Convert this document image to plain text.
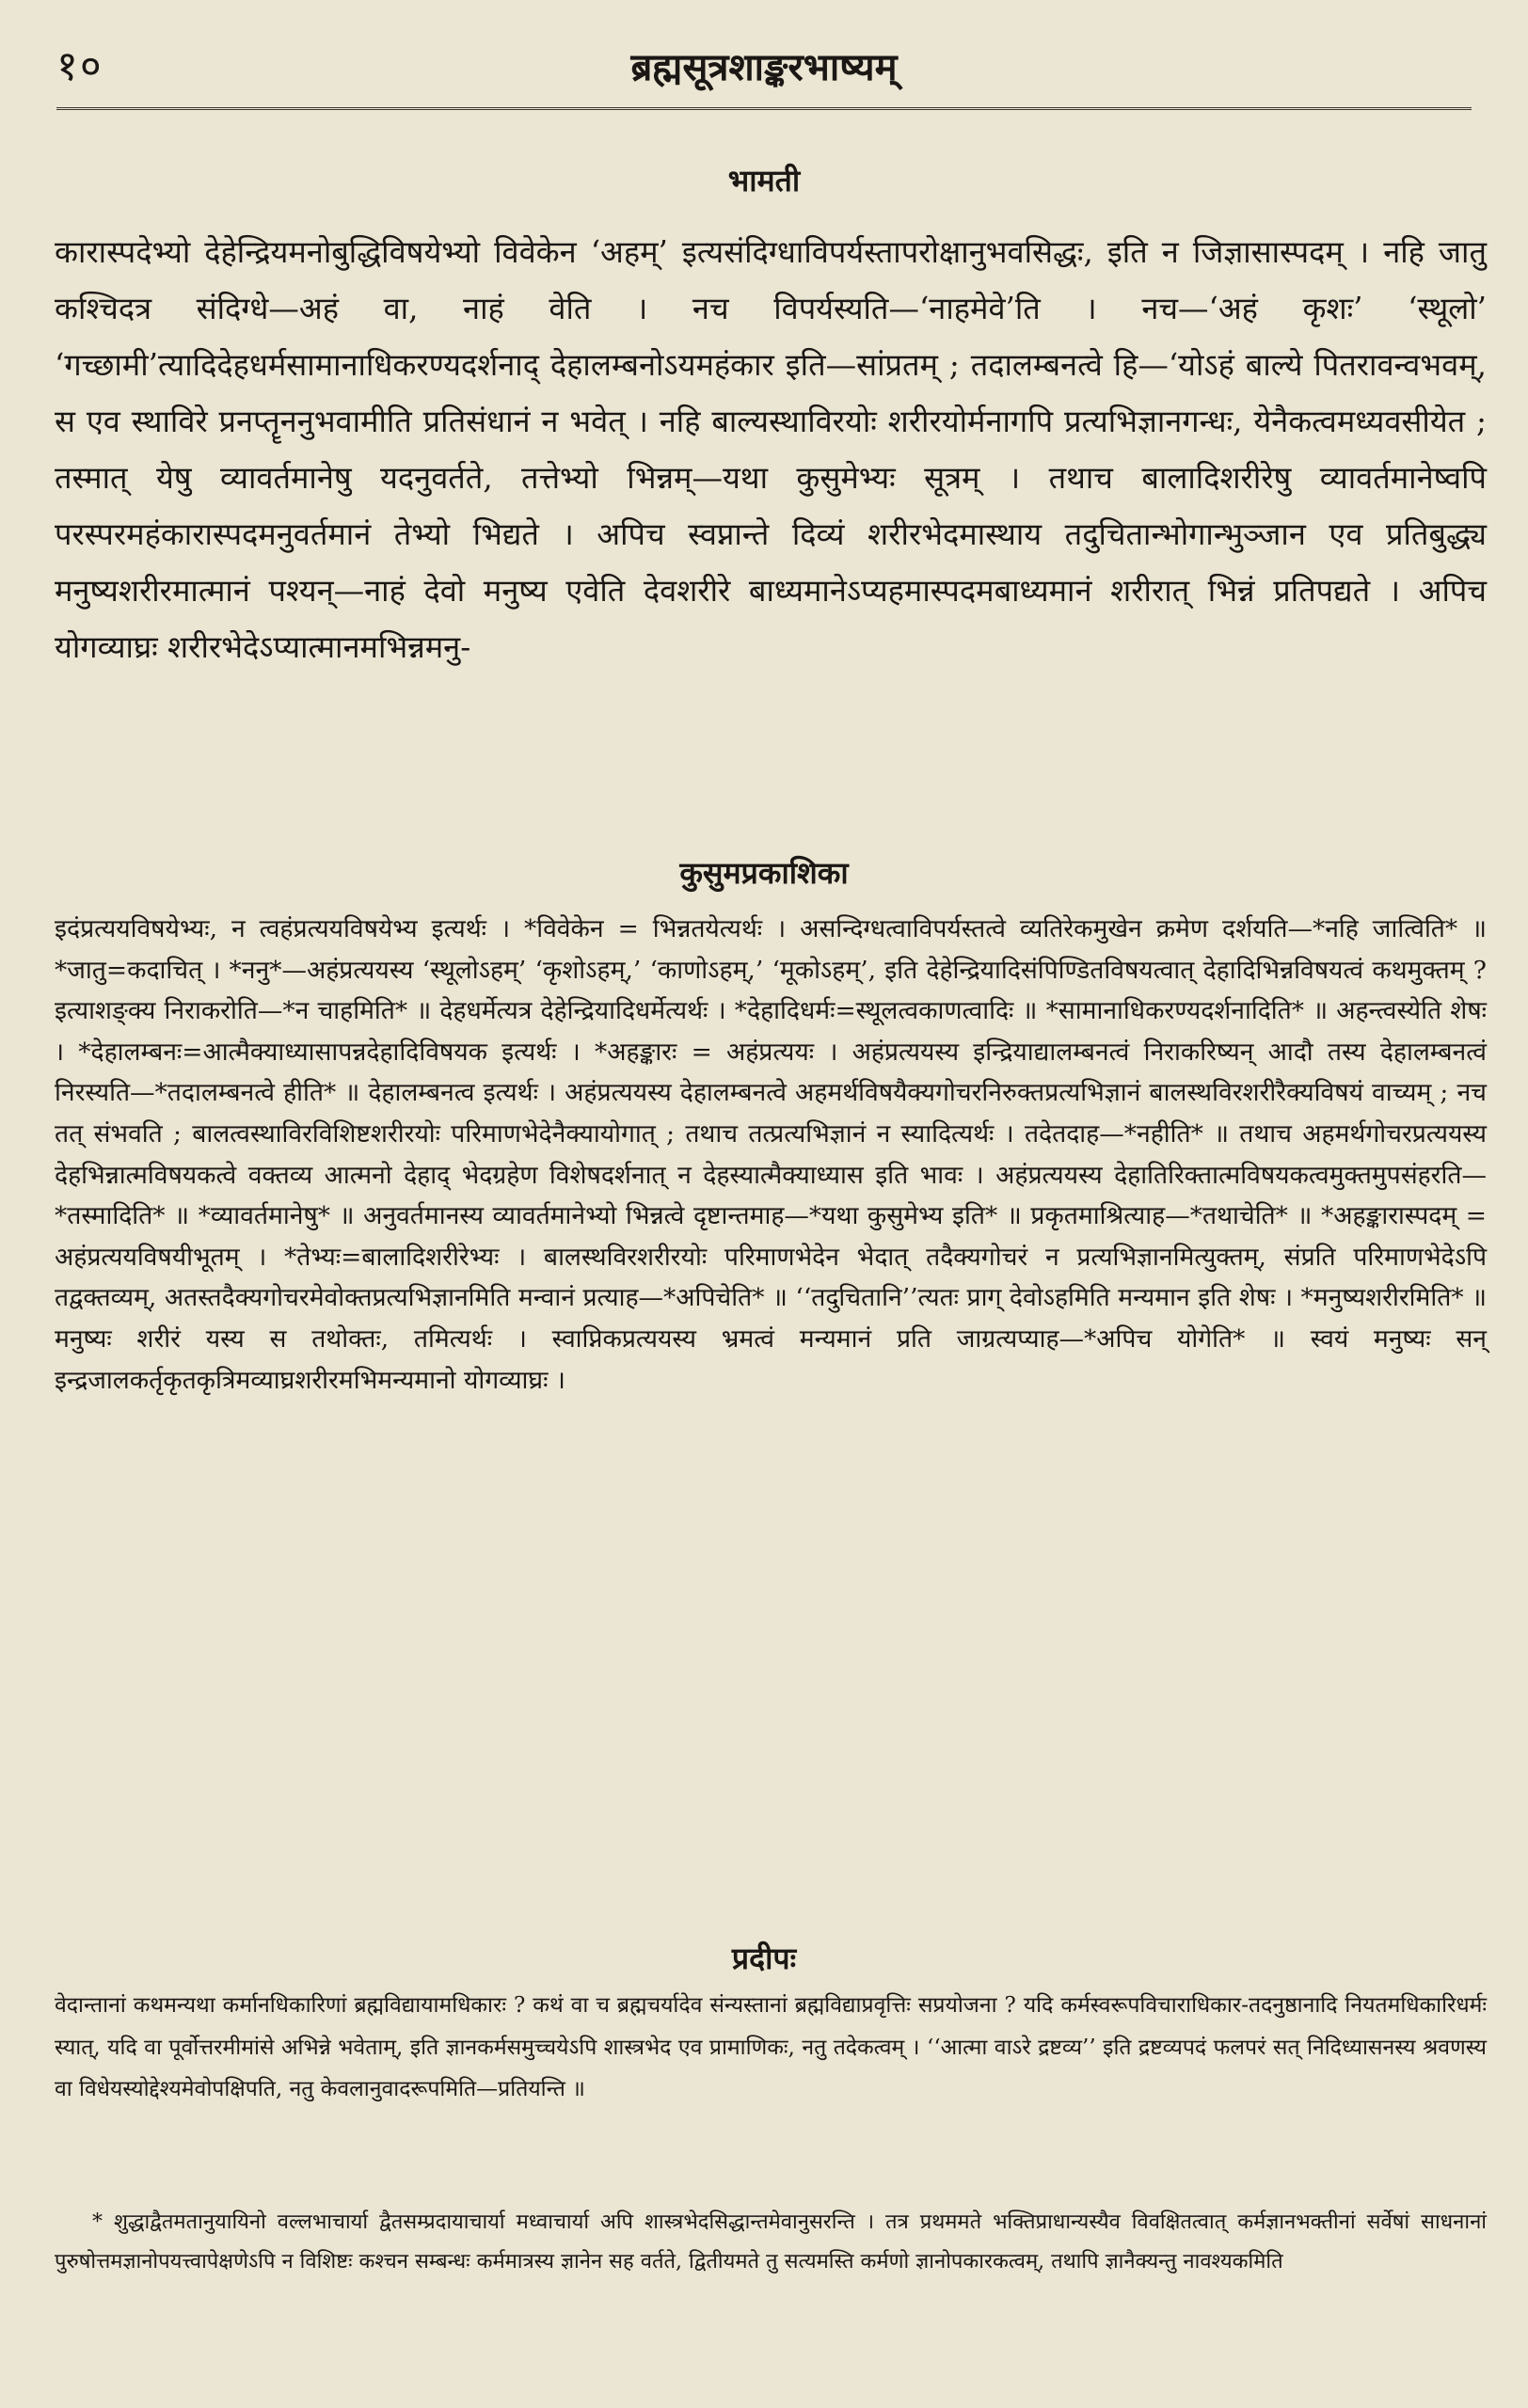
१०	ब्रह्मसूत्रशाङ्करभाष्यम्
भामती

कारास्पदेभ्यो देहेन्द्रियमनोबुद्धिविषयेभ्यो विवेकेन ‘अहम्’ इत्यसंदिग्धाविपर्यस्तापरोक्षानुभवसिद्धः, इति न जिज्ञासास्पदम् । नहि जातु कश्चिदत्र संदिग्धे—अहं वा, नाहं वेति । नच विपर्यस्यति—‘नाहमेवे’ति । नच—‘अहं कृशः’ ‘स्थूलो’ ‘गच्छामी’त्यादिदेहधर्मसामानाधिकरण्यदर्शनाद् देहालम्बनोऽयमहंकार इति—सांप्रतम् ; तदालम्बनत्वे हि—‘योऽहं बाल्ये पितरावन्वभवम्, स एव स्थाविरे प्रनप्तॄननुभवामीति प्रतिसंधानं न भवेत् । नहि बाल्यस्थाविरयोः शरीरयोर्मनागपि प्रत्यभिज्ञानगन्धः, येनैकत्वमध्यवसीयेत ; तस्मात् येषु व्यावर्तमानेषु यदनुवर्तते, तत्तेभ्यो भिन्नम्—यथा कुसुमेभ्यः सूत्रम् । तथाच बालादिशरीरेषु व्यावर्तमानेष्वपि परस्परमहंकारास्पदमनुवर्तमानं तेभ्यो भिद्यते । अपिच स्वप्नान्ते दिव्यं शरीरभेदमास्थाय तदुचितान्भोगान्भुञ्जान एव प्रतिबुद्ध्य मनुष्यशरीरमात्मानं पश्यन्—नाहं देवो मनुष्य एवेति देवशरीरे बाध्यमानेऽप्यहमास्पदमबाध्यमानं शरीरात् भिन्नं प्रतिपद्यते । अपिच योगव्याघ्रः शरीरभेदेऽप्यात्मानमभिन्नमनु-

कुसुमप्रकाशिका

इदंप्रत्ययविषयेभ्यः, न त्वहंप्रत्ययविषयेभ्य इत्यर्थः । *विवेकेन = भिन्नतयेत्यर्थः । असन्दिग्धत्वाविपर्यस्तत्वे व्यतिरेकमुखेन क्रमेण दर्शयति—*नहि जात्विति* ॥ *जातु=कदाचित् । *ननु*—अहंप्रत्ययस्य ‘स्थूलोऽहम्’ ‘कृशोऽहम्,’ ‘काणोऽहम्,’ ‘मूकोऽहम्’, इति देहेन्द्रियादिसंपिण्डितविषयत्वात् देहादिभिन्नविषयत्वं कथमुक्तम् ? इत्याशङ्क्य निराकरोति—*न चाहमिति* ॥ देहधर्मेत्यत्र देहेन्द्रियादिधर्मेत्यर्थः । *देहादिधर्मः=स्थूलत्वकाणत्वादिः ॥ *सामानाधिकरण्यदर्शनादिति* ॥ अहन्त्वस्येति शेषः । *देहालम्बनः=आत्मैक्याध्यासापन्नदेहादिविषयक इत्यर्थः । *अहङ्कारः = अहंप्रत्ययः । अहंप्रत्ययस्य इन्द्रियाद्यालम्बनत्वं निराकरिष्यन् आदौ तस्य देहालम्बनत्वं निरस्यति—*तदालम्बनत्वे हीति* ॥ देहालम्बनत्व इत्यर्थः । अहंप्रत्ययस्य देहालम्बनत्वे अहमर्थविषयैक्यगोचरनिरुक्तप्रत्यभिज्ञानं बालस्थविरशरीरैक्यविषयं वाच्यम् ; नच तत् संभवति ; बालत्वस्थाविरविशिष्टशरीरयोः परिमाणभेदेनैक्यायोगात् ; तथाच तत्प्रत्यभिज्ञानं न स्यादित्यर्थः । तदेतदाह—*नहीति* ॥ तथाच अहमर्थगोचरप्रत्ययस्य देहभिन्नात्मविषयकत्वे वक्तव्य आत्मनो देहाद् भेदग्रहेण विशेषदर्शनात् न देहस्यात्मैक्याध्यास इति भावः । अहंप्रत्ययस्य देहातिरिक्तात्मविषयकत्वमुक्तमुपसंहरति—*तस्मादिति* ॥ *व्यावर्तमानेषु* ॥ अनुवर्तमानस्य व्यावर्तमानेभ्यो भिन्नत्वे दृष्टान्तमाह—*यथा कुसुमेभ्य इति* ॥ प्रकृतमाश्रित्याह—*तथाचेति* ॥ *अहङ्कारास्पदम् = अहंप्रत्ययविषयीभूतम् । *तेभ्यः=बालादिशरीरेभ्यः । बालस्थविरशरीरयोः परिमाणभेदेन भेदात् तदैक्यगोचरं न प्रत्यभिज्ञानमित्युक्तम्, संप्रति परिमाणभेदेऽपि तद्वक्तव्यम्, अतस्तदैक्यगोचरमेवोक्तप्रत्यभिज्ञानमिति मन्वानं प्रत्याह—*अपिचेति* ॥ ‘‘तदुचितानि’’त्यतः प्राग् देवोऽहमिति मन्यमान इति शेषः । *मनुष्यशरीरमिति* ॥ मनुष्यः शरीरं यस्य स तथोक्तः, तमित्यर्थः । स्वाप्निकप्रत्ययस्य भ्रमत्वं मन्यमानं प्रति जाग्रत्यप्याह—*अपिच योगेति* ॥ स्वयं मनुष्यः सन् इन्द्रजालकर्तृकृतकृत्रिमव्याघ्रशरीरमभिमन्यमानो योगव्याघ्रः ।

प्रदीपः

वेदान्तानां कथमन्यथा कर्मानधिकारिणां ब्रह्मविद्यायामधिकारः ? कथं वा च ब्रह्मचर्यादेव संन्यस्तानां ब्रह्मविद्याप्रवृत्तिः सप्रयोजना ? यदि कर्मस्वरूपविचाराधिकार-तदनुष्ठानादि नियतमधिकारिधर्मः स्यात्, यदि वा पूर्वोत्तरमीमांसे अभिन्ने भवेताम्, इति ज्ञानकर्मसमुच्चयेऽपि शास्त्रभेद एव प्रामाणिकः, नतु तदेकत्वम् । ‘‘आत्मा वाऽरे द्रष्टव्य’’ इति द्रष्टव्यपदं फलपरं सत् निदिध्यासनस्य श्रवणस्य वा विधेयस्योद्देश्यमेवोपक्षिपति, नतु केवलानुवादरूपमिति—प्रतियन्ति ॥

* शुद्धाद्वैतमतानुयायिनो वल्लभाचार्या द्वैतसम्प्रदायाचार्या मध्वाचार्या अपि शास्त्रभेदसिद्धान्तमेवानुसरन्ति । तत्र प्रथममते भक्तिप्राधान्यस्यैव विवक्षितत्वात् कर्मज्ञानभक्तीनां सर्वेषां साधनानां पुरुषोत्तमज्ञानोपयत्त्वापेक्षणेऽपि न विशिष्टः कश्चन सम्बन्धः कर्ममात्रस्य ज्ञानेन सह वर्तते, द्वितीयमते तु सत्यमस्ति कर्मणो ज्ञानोपकारकत्वम्, तथापि ज्ञानैक्यन्तु नावश्यकमिति
